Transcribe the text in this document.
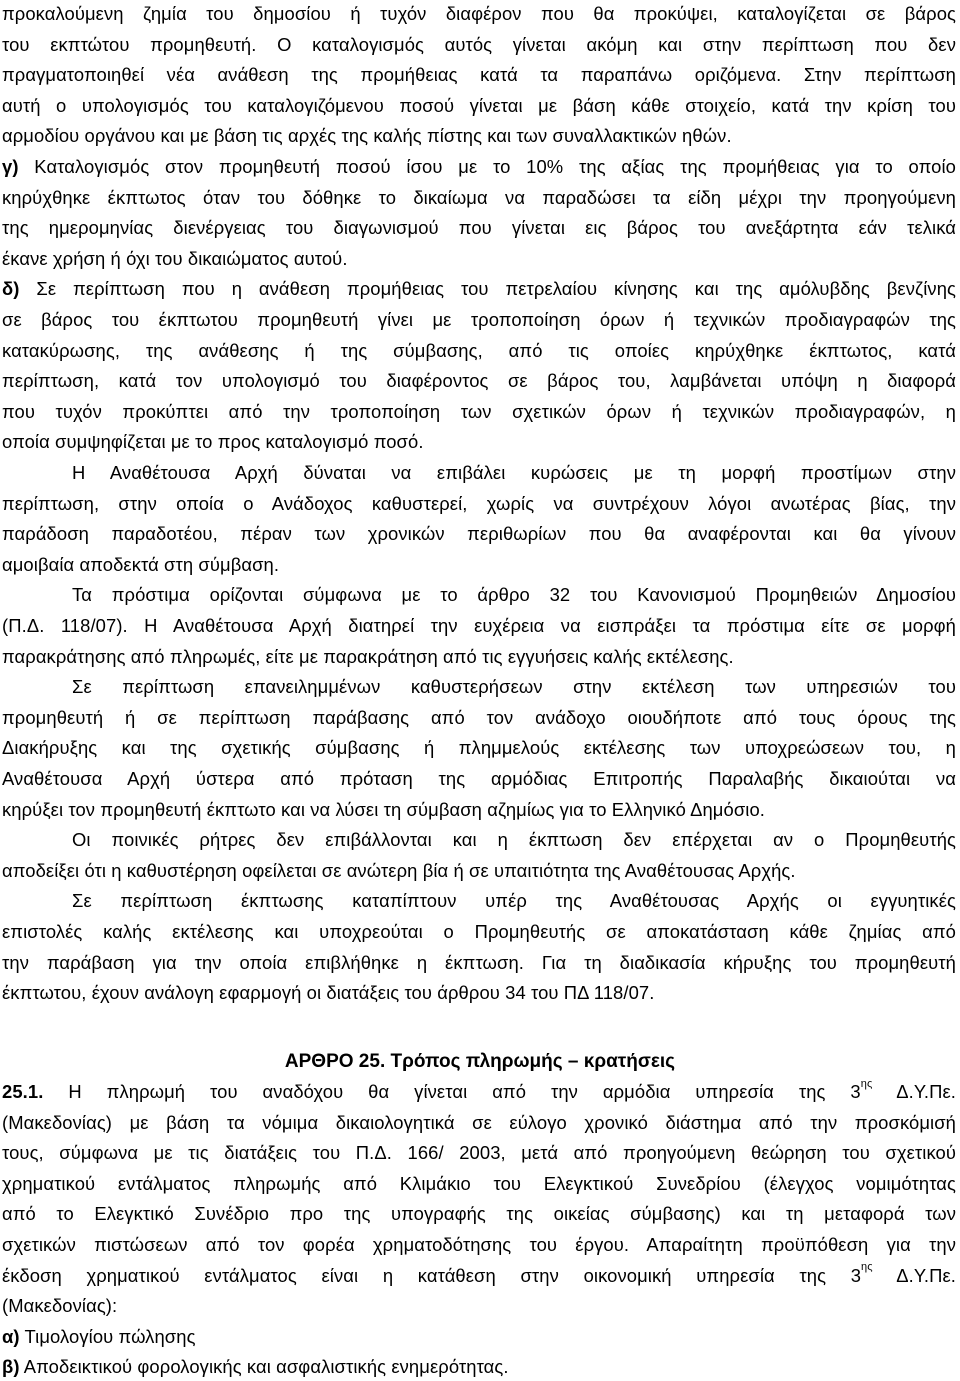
προκαλούμενη ζημία του δημοσίου ή τυχόν διαφέρον που θα προκύψει, καταλογίζεται σε βάρος
του εκπτώτου προμηθευτή. Ο καταλογισμός αυτός γίνεται ακόμη και στην περίπτωση που δεν
πραγματοποιηθεί νέα ανάθεση της προμήθειας κατά τα παραπάνω οριζόμενα. Στην περίπτωση
αυτή ο υπολογισμός του καταλογιζόμενου ποσού γίνεται με βάση κάθε στοιχείο, κατά την κρίση του
αρμοδίου οργάνου και με βάση τις αρχές της καλής πίστης και των συναλλακτικών ηθών.
γ) Καταλογισμός στον προμηθευτή ποσού ίσου με το 10% της αξίας της προμήθειας για το οποίο
κηρύχθηκε έκπτωτος όταν του δόθηκε το δικαίωμα να παραδώσει τα είδη μέχρι την προηγούμενη
της ημερομηνίας διενέργειας του διαγωνισμού που γίνεται εις βάρος του ανεξάρτητα εάν τελικά
έκανε χρήση ή όχι του δικαιώματος αυτού.
δ) Σε περίπτωση που η ανάθεση προμήθειας του πετρελαίου κίνησης και της αμόλυβδης βενζίνης
σε βάρος του έκπτωτου προμηθευτή γίνει με τροποποίηση όρων ή τεχνικών προδιαγραφών της
κατακύρωσης, της ανάθεσης ή της σύμβασης, από τις οποίες κηρύχθηκε έκπτωτος, κατά
περίπτωση, κατά τον υπολογισμό του διαφέροντος σε βάρος του, λαμβάνεται υπόψη η διαφορά
που τυχόν προκύπτει από την τροποποίηση των σχετικών όρων ή τεχνικών προδιαγραφών, η
οποία συμψηφίζεται με το προς καταλογισμό ποσό.
Η Αναθέτουσα Αρχή δύναται να επιβάλει κυρώσεις με τη μορφή προστίμων στην
περίπτωση, στην οποία ο Ανάδοχος καθυστερεί, χωρίς να συντρέχουν λόγοι ανωτέρας βίας, την
παράδοση παραδοτέου, πέραν των χρονικών περιθωρίων που θα αναφέρονται και θα γίνουν
αμοιβαία αποδεκτά στη σύμβαση.
Τα πρόστιμα ορίζονται σύμφωνα με το άρθρο 32 του Κανονισμού Προμηθειών Δημοσίου
(Π.Δ. 118/07). Η Αναθέτουσα Αρχή διατηρεί την ευχέρεια να εισπράξει τα πρόστιμα είτε σε μορφή
παρακράτησης από πληρωμές, είτε με παρακράτηση από τις εγγυήσεις καλής εκτέλεσης.
Σε περίπτωση επανειλημμένων καθυστερήσεων στην εκτέλεση των υπηρεσιών του
προμηθευτή ή σε περίπτωση παράβασης από τον ανάδοχο οιουδήποτε από τους όρους της
Διακήρυξης και της σχετικής σύμβασης ή πλημμελούς εκτέλεσης των υποχρεώσεων του, η
Αναθέτουσα Αρχή ύστερα από πρόταση της αρμόδιας Επιτροπής Παραλαβής δικαιούται να
κηρύξει τον προμηθευτή έκπτωτο και να λύσει τη σύμβαση αζημίως για το Ελληνικό Δημόσιο.
Οι ποινικές ρήτρες δεν επιβάλλονται και η έκπτωση δεν επέρχεται αν ο Προμηθευτής
αποδείξει ότι η καθυστέρηση οφείλεται σε ανώτερη βία ή σε υπαιτιότητα της Αναθέτουσας Αρχής.
Σε περίπτωση έκπτωσης καταπίπτουν υπέρ της Αναθέτουσας Αρχής οι εγγυητικές
επιστολές καλής εκτέλεσης και υποχρεούται ο Προμηθευτής σε αποκατάσταση κάθε ζημίας από
την παράβαση για την οποία επιβλήθηκε η έκπτωση. Για τη διαδικασία κήρυξης του προμηθευτή
έκπτωτου, έχουν ανάλογη εφαρμογή οι διατάξεις του άρθρου 34 του ΠΔ 118/07.
ΑΡΘΡΟ 25. Τρόπος πληρωμής – κρατήσεις
25.1. Η πληρωμή του αναδόχου θα γίνεται από την αρμόδια υπηρεσία της $3^{\eta\varsigma}$ Δ.Υ.Πε.
(Μακεδονίας) με βάση τα νόμιμα δικαιολογητικά σε εύλογο χρονικό διάστημα από την προσκόμισή
τους, σύμφωνα με τις διατάξεις του Π.Δ. 166/ 2003, μετά από προηγούμενη θεώρηση του σχετικού
χρηματικού εντάλματος πληρωμής από Κλιμάκιο του Ελεγκτικού Συνεδρίου (έλεγχος νομιμότητας
από το Ελεγκτικό Συνέδριο προ της υπογραφής της οικείας σύμβασης) και τη μεταφορά των
σχετικών πιστώσεων από τον φορέα χρηματοδότησης του έργου. Απαραίτητη προϋπόθεση για την
έκδοση χρηματικού εντάλματος είναι η κατάθεση στην οικονομική υπηρεσία της $3^{\eta\varsigma}$ Δ.Υ.Πε.
(Μακεδονίας):
α) Τιμολογίου πώλησης
β) Αποδεικτικού φορολογικής και ασφαλιστικής ενημερότητας.
